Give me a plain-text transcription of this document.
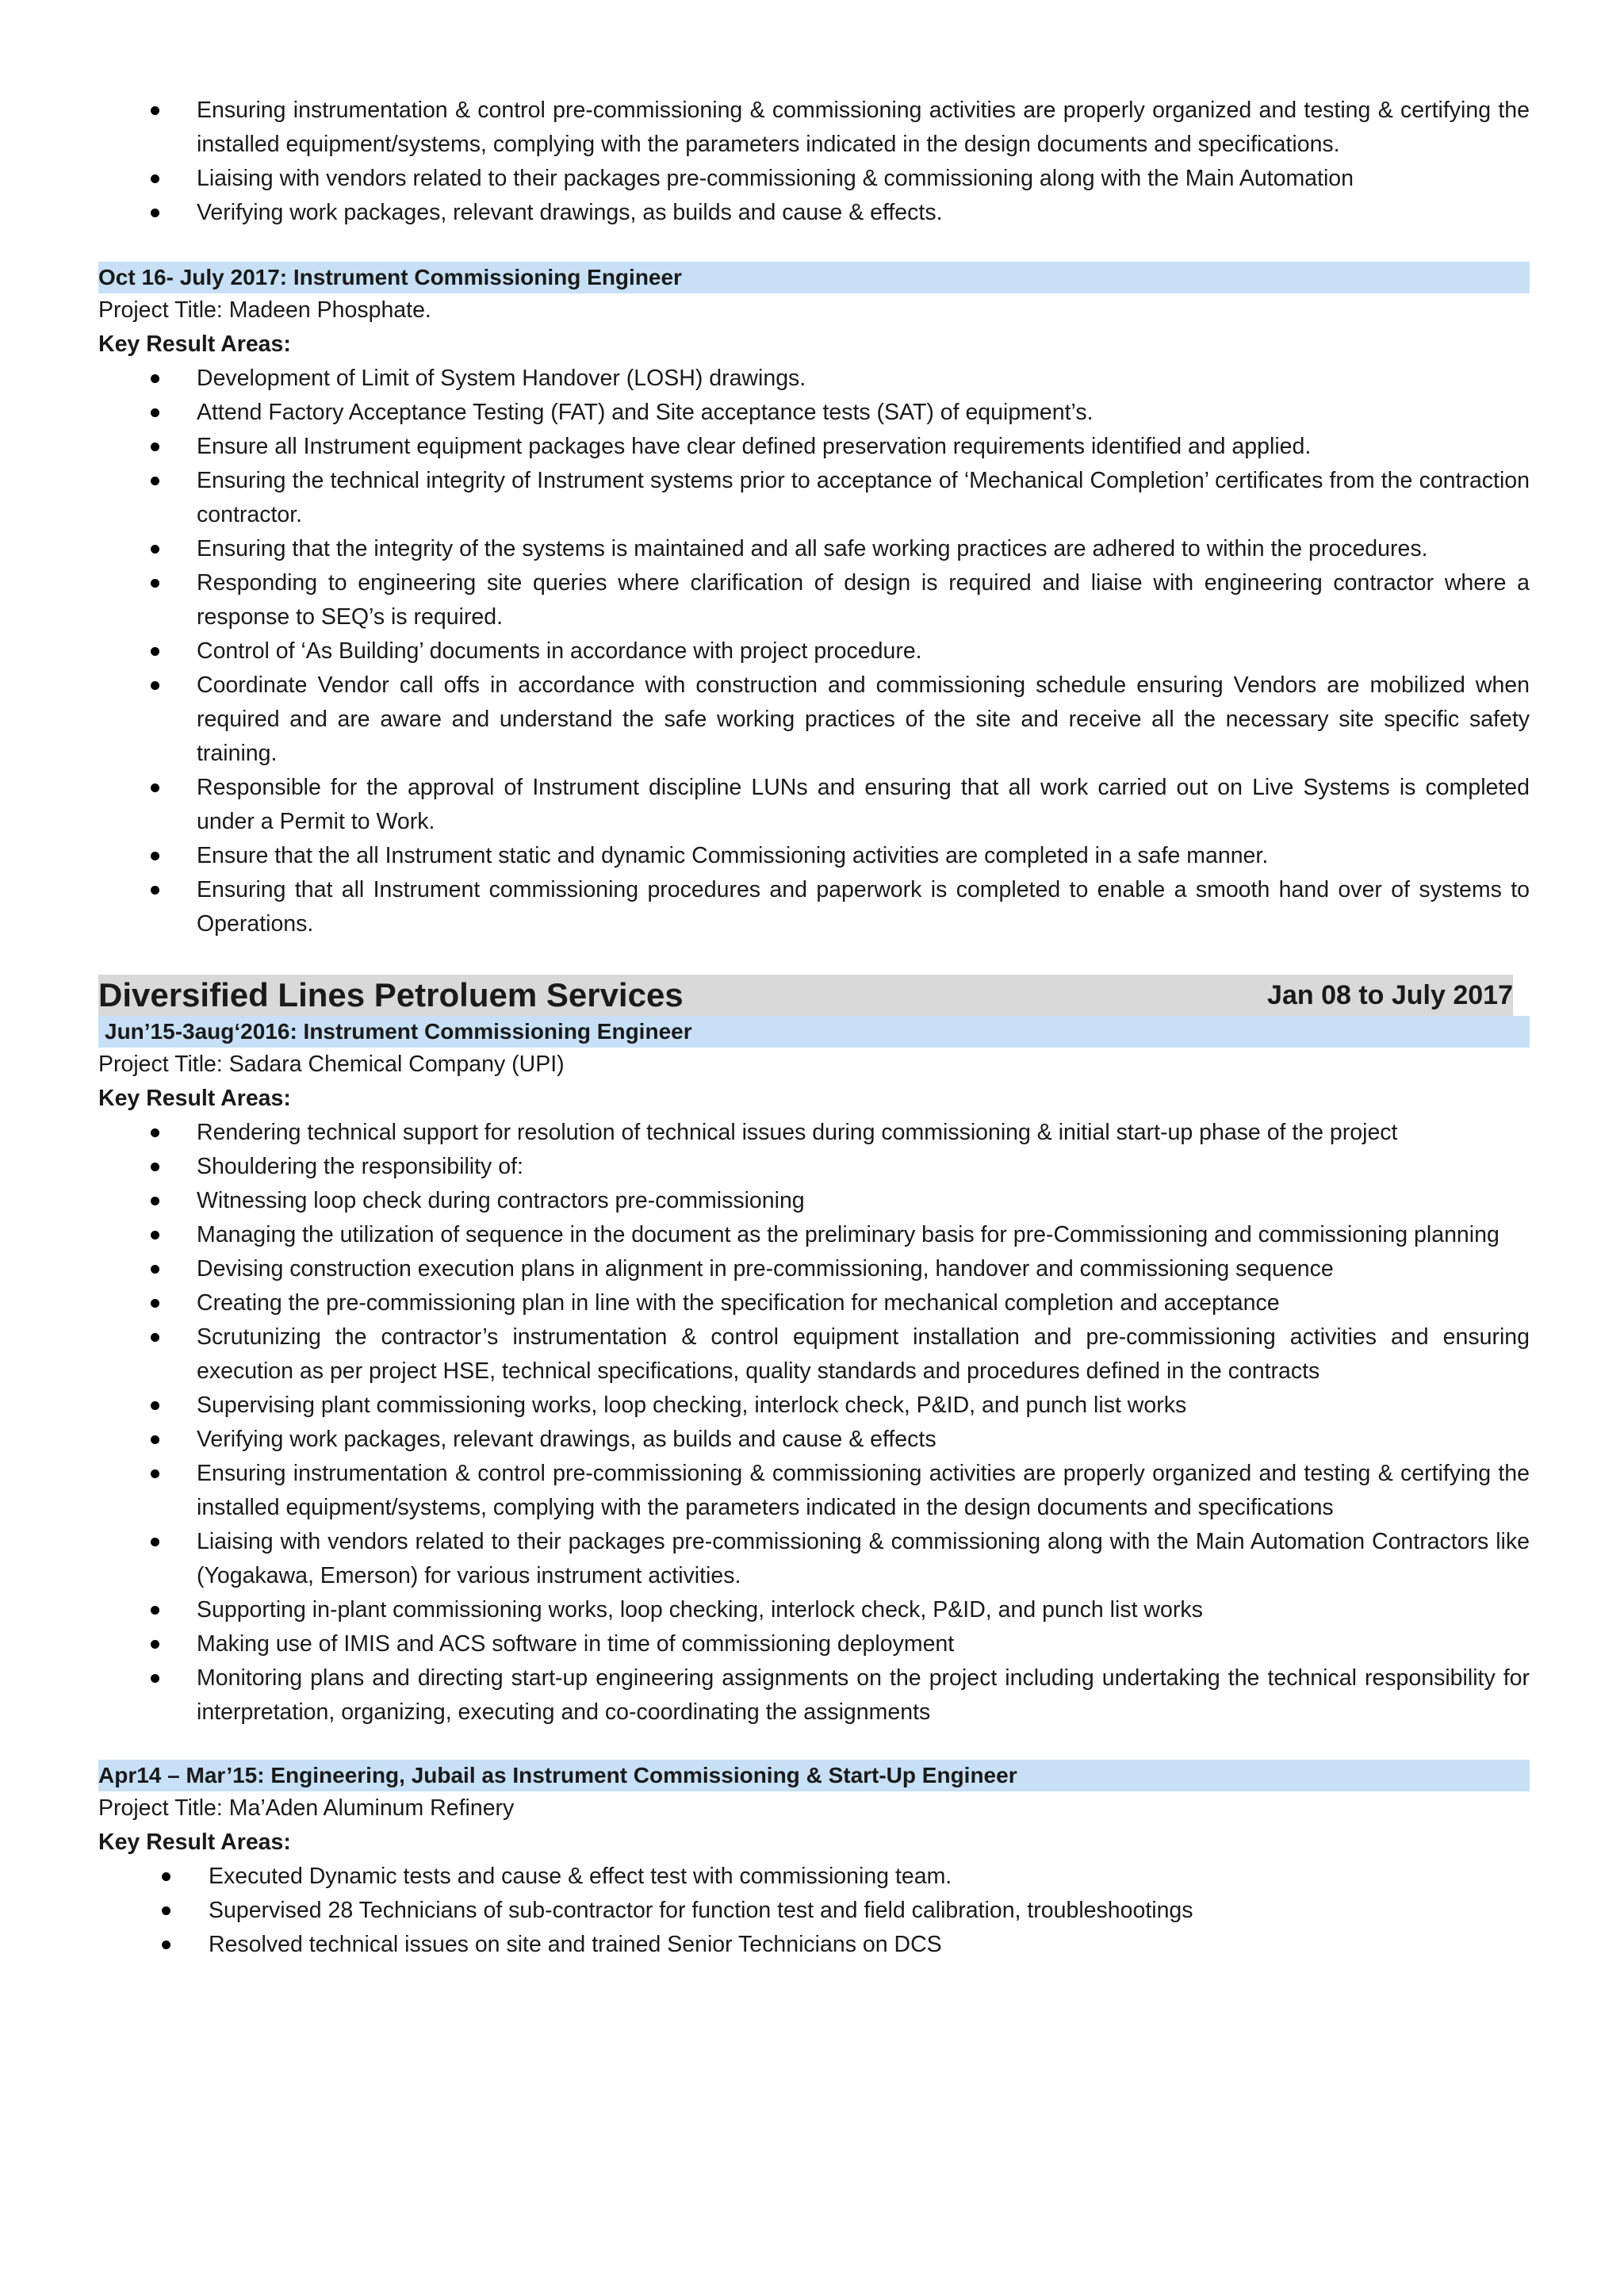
Ensuring instrumentation & control pre-commissioning & commissioning activities are properly organized and testing & certifying the installed equipment/systems, complying with the parameters indicated in the design documents and specifications.
Liaising with vendors related to their packages pre-commissioning & commissioning along with the Main Automation
Verifying work packages, relevant drawings, as builds and cause & effects.
Oct 16- July 2017: Instrument Commissioning Engineer
Project Title: Madeen Phosphate.
Key Result Areas:
Development of Limit of System Handover (LOSH) drawings.
Attend Factory Acceptance Testing (FAT) and Site acceptance tests (SAT) of equipment’s.
Ensure all Instrument equipment packages have clear defined preservation requirements identified and applied.
Ensuring the technical integrity of Instrument systems prior to acceptance of ‘Mechanical Completion’ certificates from the contraction contractor.
Ensuring that the integrity of the systems is maintained and all safe working practices are adhered to within the procedures.
Responding to engineering site queries where clarification of design is required and liaise with engineering contractor where a response to SEQ’s is required.
Control of ‘As Building’ documents in accordance with project procedure.
Coordinate Vendor call offs in accordance with construction and commissioning schedule ensuring Vendors are mobilized when required and are aware and understand the safe working practices of the site and receive all the necessary site specific safety training.
Responsible for the approval of Instrument discipline LUNs and ensuring that all work carried out on Live Systems is completed under a Permit to Work.
Ensure that the all Instrument static and dynamic Commissioning activities are completed in a safe manner.
Ensuring that all Instrument commissioning procedures and paperwork is completed to enable a smooth hand over of systems to Operations.
Diversified Lines Petroluem Services	Jan 08 to July 2017
Jun’15-3aug‘2016: Instrument Commissioning Engineer
Project Title: Sadara Chemical Company (UPI)
Key Result Areas:
Rendering technical support for resolution of technical issues during commissioning & initial start-up phase of the project
Shouldering the responsibility of:
Witnessing loop check during contractors pre-commissioning
Managing the utilization of sequence in the document as the preliminary basis for pre-Commissioning and commissioning planning
Devising construction execution plans in alignment in pre-commissioning, handover and commissioning sequence
Creating the pre-commissioning plan in line with the specification for mechanical completion and acceptance
Scrutunizing the contractor’s instrumentation & control equipment installation and pre-commissioning activities and ensuring execution as per project HSE, technical specifications, quality standards and procedures defined in the contracts
Supervising plant commissioning works, loop checking, interlock check, P&ID, and punch list works
Verifying work packages, relevant drawings, as builds and cause & effects
Ensuring instrumentation & control pre-commissioning & commissioning activities are properly organized and testing & certifying the installed equipment/systems, complying with the parameters indicated in the design documents and specifications
Liaising with vendors related to their packages pre-commissioning & commissioning along with the Main Automation Contractors like (Yogakawa, Emerson) for various instrument activities.
Supporting in-plant commissioning works, loop checking, interlock check, P&ID, and punch list works
Making use of IMIS and ACS software in time of commissioning deployment
Monitoring plans and directing start-up engineering assignments on the project including undertaking the technical responsibility for interpretation, organizing, executing and co-coordinating the assignments
Apr14 – Mar’15: Engineering, Jubail as Instrument Commissioning & Start-Up Engineer
Project Title: Ma’Aden Aluminum Refinery
Key Result Areas:
Executed Dynamic tests and cause & effect test with commissioning team.
Supervised 28 Technicians of sub-contractor for function test and field calibration, troubleshootings
Resolved technical issues on site and trained Senior Technicians on DCS
